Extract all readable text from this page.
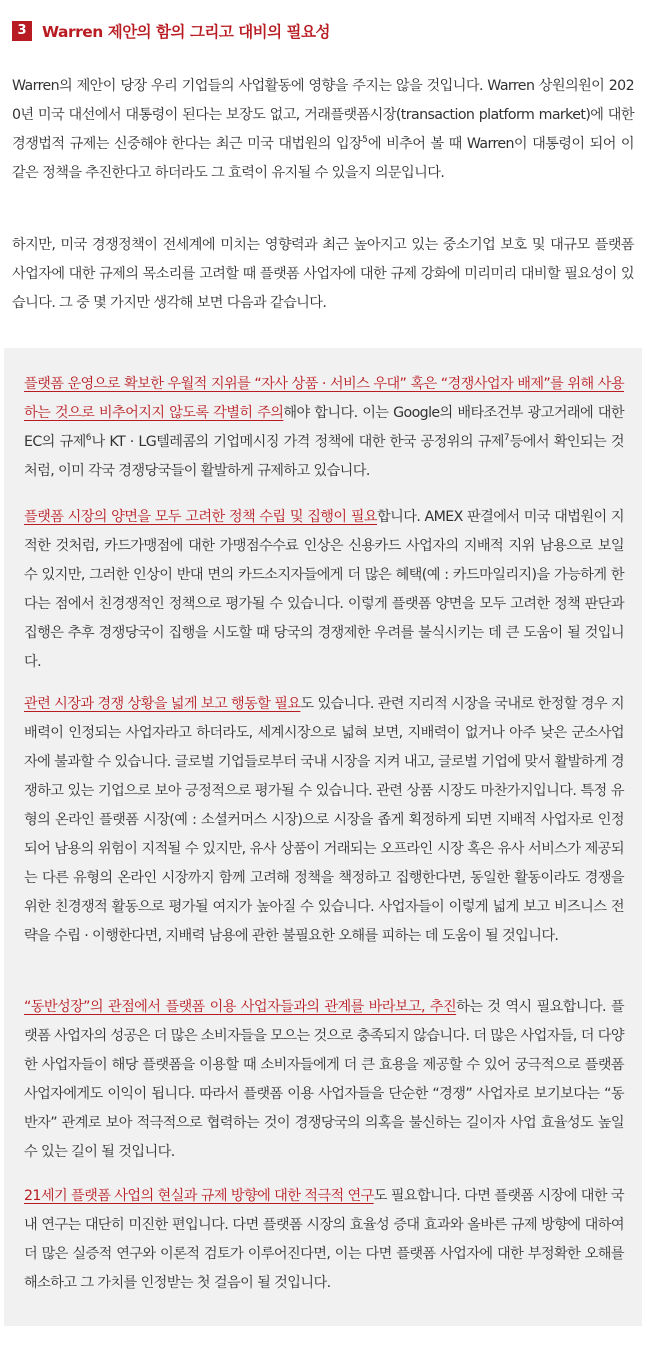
3 Warren 제안의 함의 그리고 대비의 필요성

Warren의 제안이 당장 우리 기업들의 사업활동에 영향을 주지는 않을 것입니다. Warren 상원의원이 2020년 미국 대선에서 대통령이 된다는 보장도 없고, 거래플랫폼시장(transaction platform market)에 대한 경쟁법적 규제는 신중해야 한다는 최근 미국 대법원의 입장$^5$에 비추어 볼 때 Warren이 대통령이 되어 이 같은 정책을 추진한다고 하더라도 그 효력이 유지될 수 있을지 의문입니다.

하지만, 미국 경쟁정책이 전세계에 미치는 영향력과 최근 높아지고 있는 중소기업 보호 및 대규모 플랫폼 사업자에 대한 규제의 목소리를 고려할 때 플랫폼 사업자에 대한 규제 강화에 미리미리 대비할 필요성이 있습니다. 그 중 몇 가지만 생각해 보면 다음과 같습니다.

플랫폼 운영으로 확보한 우월적 지위를 “자사 상품 · 서비스 우대” 혹은 “경쟁사업자 배제”를 위해 사용하는 것으로 비추어지지 않도록 각별히 주의해야 합니다. 이는 Google의 배타조건부 광고거래에 대한 EC의 규제$^6$나 KT · LG텔레콤의 기업메시징 가격 정책에 대한 한국 공정위의 규제$^7$등에서 확인되는 것처럼, 이미 각국 경쟁당국들이 활발하게 규제하고 있습니다.

플랫폼 시장의 양면을 모두 고려한 정책 수립 및 집행이 필요합니다. AMEX 판결에서 미국 대법원이 지적한 것처럼, 카드가맹점에 대한 가맹점수수료 인상은 신용카드 사업자의 지배적 지위 남용으로 보일 수 있지만, 그러한 인상이 반대 면의 카드소지자들에게 더 많은 혜택(예 : 카드마일리지)을 가능하게 한다는 점에서 친경쟁적인 정책으로 평가될 수 있습니다. 이렇게 플랫폼 양면을 모두 고려한 정책 판단과 집행은 추후 경쟁당국이 집행을 시도할 때 당국의 경쟁제한 우려를 불식시키는 데 큰 도움이 될 것입니다.

관련 시장과 경쟁 상황을 넓게 보고 행동할 필요도 있습니다. 관련 지리적 시장을 국내로 한정할 경우 지배력이 인정되는 사업자라고 하더라도, 세계시장으로 넓혀 보면, 지배력이 없거나 아주 낮은 군소사업자에 불과할 수 있습니다. 글로벌 기업들로부터 국내 시장을 지켜 내고, 글로벌 기업에 맞서 활발하게 경쟁하고 있는 기업으로 보아 긍정적으로 평가될 수 있습니다. 관련 상품 시장도 마찬가지입니다. 특정 유형의 온라인 플랫폼 시장(예 : 소셜커머스 시장)으로 시장을 좁게 획정하게 되면 지배적 사업자로 인정되어 남용의 위험이 지적될 수 있지만, 유사 상품이 거래되는 오프라인 시장 혹은 유사 서비스가 제공되는 다른 유형의 온라인 시장까지 함께 고려해 정책을 책정하고 집행한다면, 동일한 활동이라도 경쟁을 위한 친경쟁적 활동으로 평가될 여지가 높아질 수 있습니다. 사업자들이 이렇게 넓게 보고 비즈니스 전략을 수립 · 이행한다면, 지배력 남용에 관한 불필요한 오해를 피하는 데 도움이 될 것입니다.

“동반성장”의 관점에서 플랫폼 이용 사업자들과의 관계를 바라보고, 추진하는 것 역시 필요합니다. 플랫폼 사업자의 성공은 더 많은 소비자들을 모으는 것으로 충족되지 않습니다. 더 많은 사업자들, 더 다양한 사업자들이 해당 플랫폼을 이용할 때 소비자들에게 더 큰 효용을 제공할 수 있어 궁극적으로 플랫폼 사업자에게도 이익이 됩니다. 따라서 플랫폼 이용 사업자들을 단순한 “경쟁” 사업자로 보기보다는 “동반자” 관계로 보아 적극적으로 협력하는 것이 경쟁당국의 의혹을 불신하는 길이자 사업 효율성도 높일 수 있는 길이 될 것입니다.

21세기 플랫폼 사업의 현실과 규제 방향에 대한 적극적 연구도 필요합니다. 다면 플랫폼 시장에 대한 국내 연구는 대단히 미진한 편입니다. 다면 플랫폼 시장의 효율성 증대 효과와 올바른 규제 방향에 대하여 더 많은 실증적 연구와 이론적 검토가 이루어진다면, 이는 다면 플랫폼 사업자에 대한 부정확한 오해를 해소하고 그 가치를 인정받는 첫 걸음이 될 것입니다.
